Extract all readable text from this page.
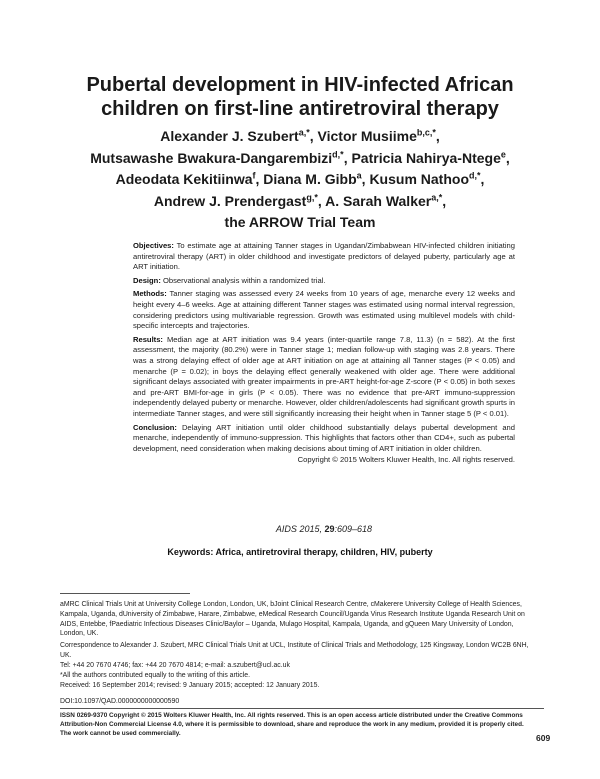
Pubertal development in HIV-infected African
children on first-line antiretroviral therapy
Alexander J. Szubert$^{a,*}$, Victor Musiime$^{b,c,*}$,
Mutsawashe Bwakura-Dangarembizi$^{d,*}$, Patricia Nahirya-Ntege$^e$,
Adeodata Kekitiinwa$^f$, Diana M. Gibb$^a$, Kusum Nathoo$^{d,*}$,
Andrew J. Prendergast$^{g,*}$, A. Sarah Walker$^{a,*}$,
the ARROW Trial Team

Objectives: To estimate age at attaining Tanner stages in Ugandan/Zimbabwean HIV-infected children initiating antiretroviral therapy (ART) in older childhood and investigate predictors of delayed puberty, particularly age at ART initiation.

Design: Observational analysis within a randomized trial.

Methods: Tanner staging was assessed every 24 weeks from 10 years of age, menarche every 12 weeks and height every 4–6 weeks. Age at attaining different Tanner stages was estimated using normal interval regression, considering predictors using multivariable regression. Growth was estimated using multilevel models with child-specific intercepts and trajectories.

Results: Median age at ART initiation was 9.4 years (inter-quartile range 7.8, 11.3) (n = 582). At the first assessment, the majority (80.2%) were in Tanner stage 1; median follow-up with staging was 2.8 years. There was a strong delaying effect of older age at ART initiation on age at attaining all Tanner stages (P < 0.05) and menarche (P = 0.02); in boys the delaying effect generally weakened with older age. There were additional significant delays associated with greater impairments in pre-ART height-for-age Z-score (P < 0.05) in both sexes and pre-ART BMI-for-age in girls (P < 0.05). There was no evidence that pre-ART immuno-suppression independently delayed puberty or menarche. However, older children/adolescents had significant growth spurts in intermediate Tanner stages, and were still significantly increasing their height when in Tanner stage 5 (P < 0.01).

Conclusion: Delaying ART initiation until older childhood substantially delays pubertal development and menarche, independently of immuno-suppression. This highlights that factors other than CD4+, such as pubertal development, need consideration when making decisions about timing of ART initiation in older children.

Copyright © 2015 Wolters Kluwer Health, Inc. All rights reserved.
AIDS 2015, 29:609–618
Keywords: Africa, antiretroviral therapy, children, HIV, puberty
aMRC Clinical Trials Unit at University College London, London, UK, bJoint Clinical Research Centre, cMakerere University College of Health Sciences, Kampala, Uganda, dUniversity of Zimbabwe, Harare, Zimbabwe, eMedical Research Council/Uganda Virus Research Institute Uganda Research Unit on AIDS, Entebbe, fPaediatric Infectious Diseases Clinic/Baylor – Uganda, Mulago Hospital, Kampala, Uganda, and gQueen Mary University of London, London, UK.
Correspondence to Alexander J. Szubert, MRC Clinical Trials Unit at UCL, Institute of Clinical Trials and Methodology, 125 Kingsway, London WC2B 6NH, UK.
Tel: +44 20 7670 4746; fax: +44 20 7670 4814; e-mail: a.szubert@ucl.ac.uk
*All the authors contributed equally to the writing of this article.
Received: 16 September 2014; revised: 9 January 2015; accepted: 12 January 2015.
DOI:10.1097/QAD.0000000000000590
ISSN 0269-9370 Copyright © 2015 Wolters Kluwer Health, Inc. All rights reserved. This is an open access article distributed under the Creative Commons Attribution-Non Commercial License 4.0, where it is permissible to download, share and reproduce the work in any medium, provided it is properly cited. The work cannot be used commercially.	609
